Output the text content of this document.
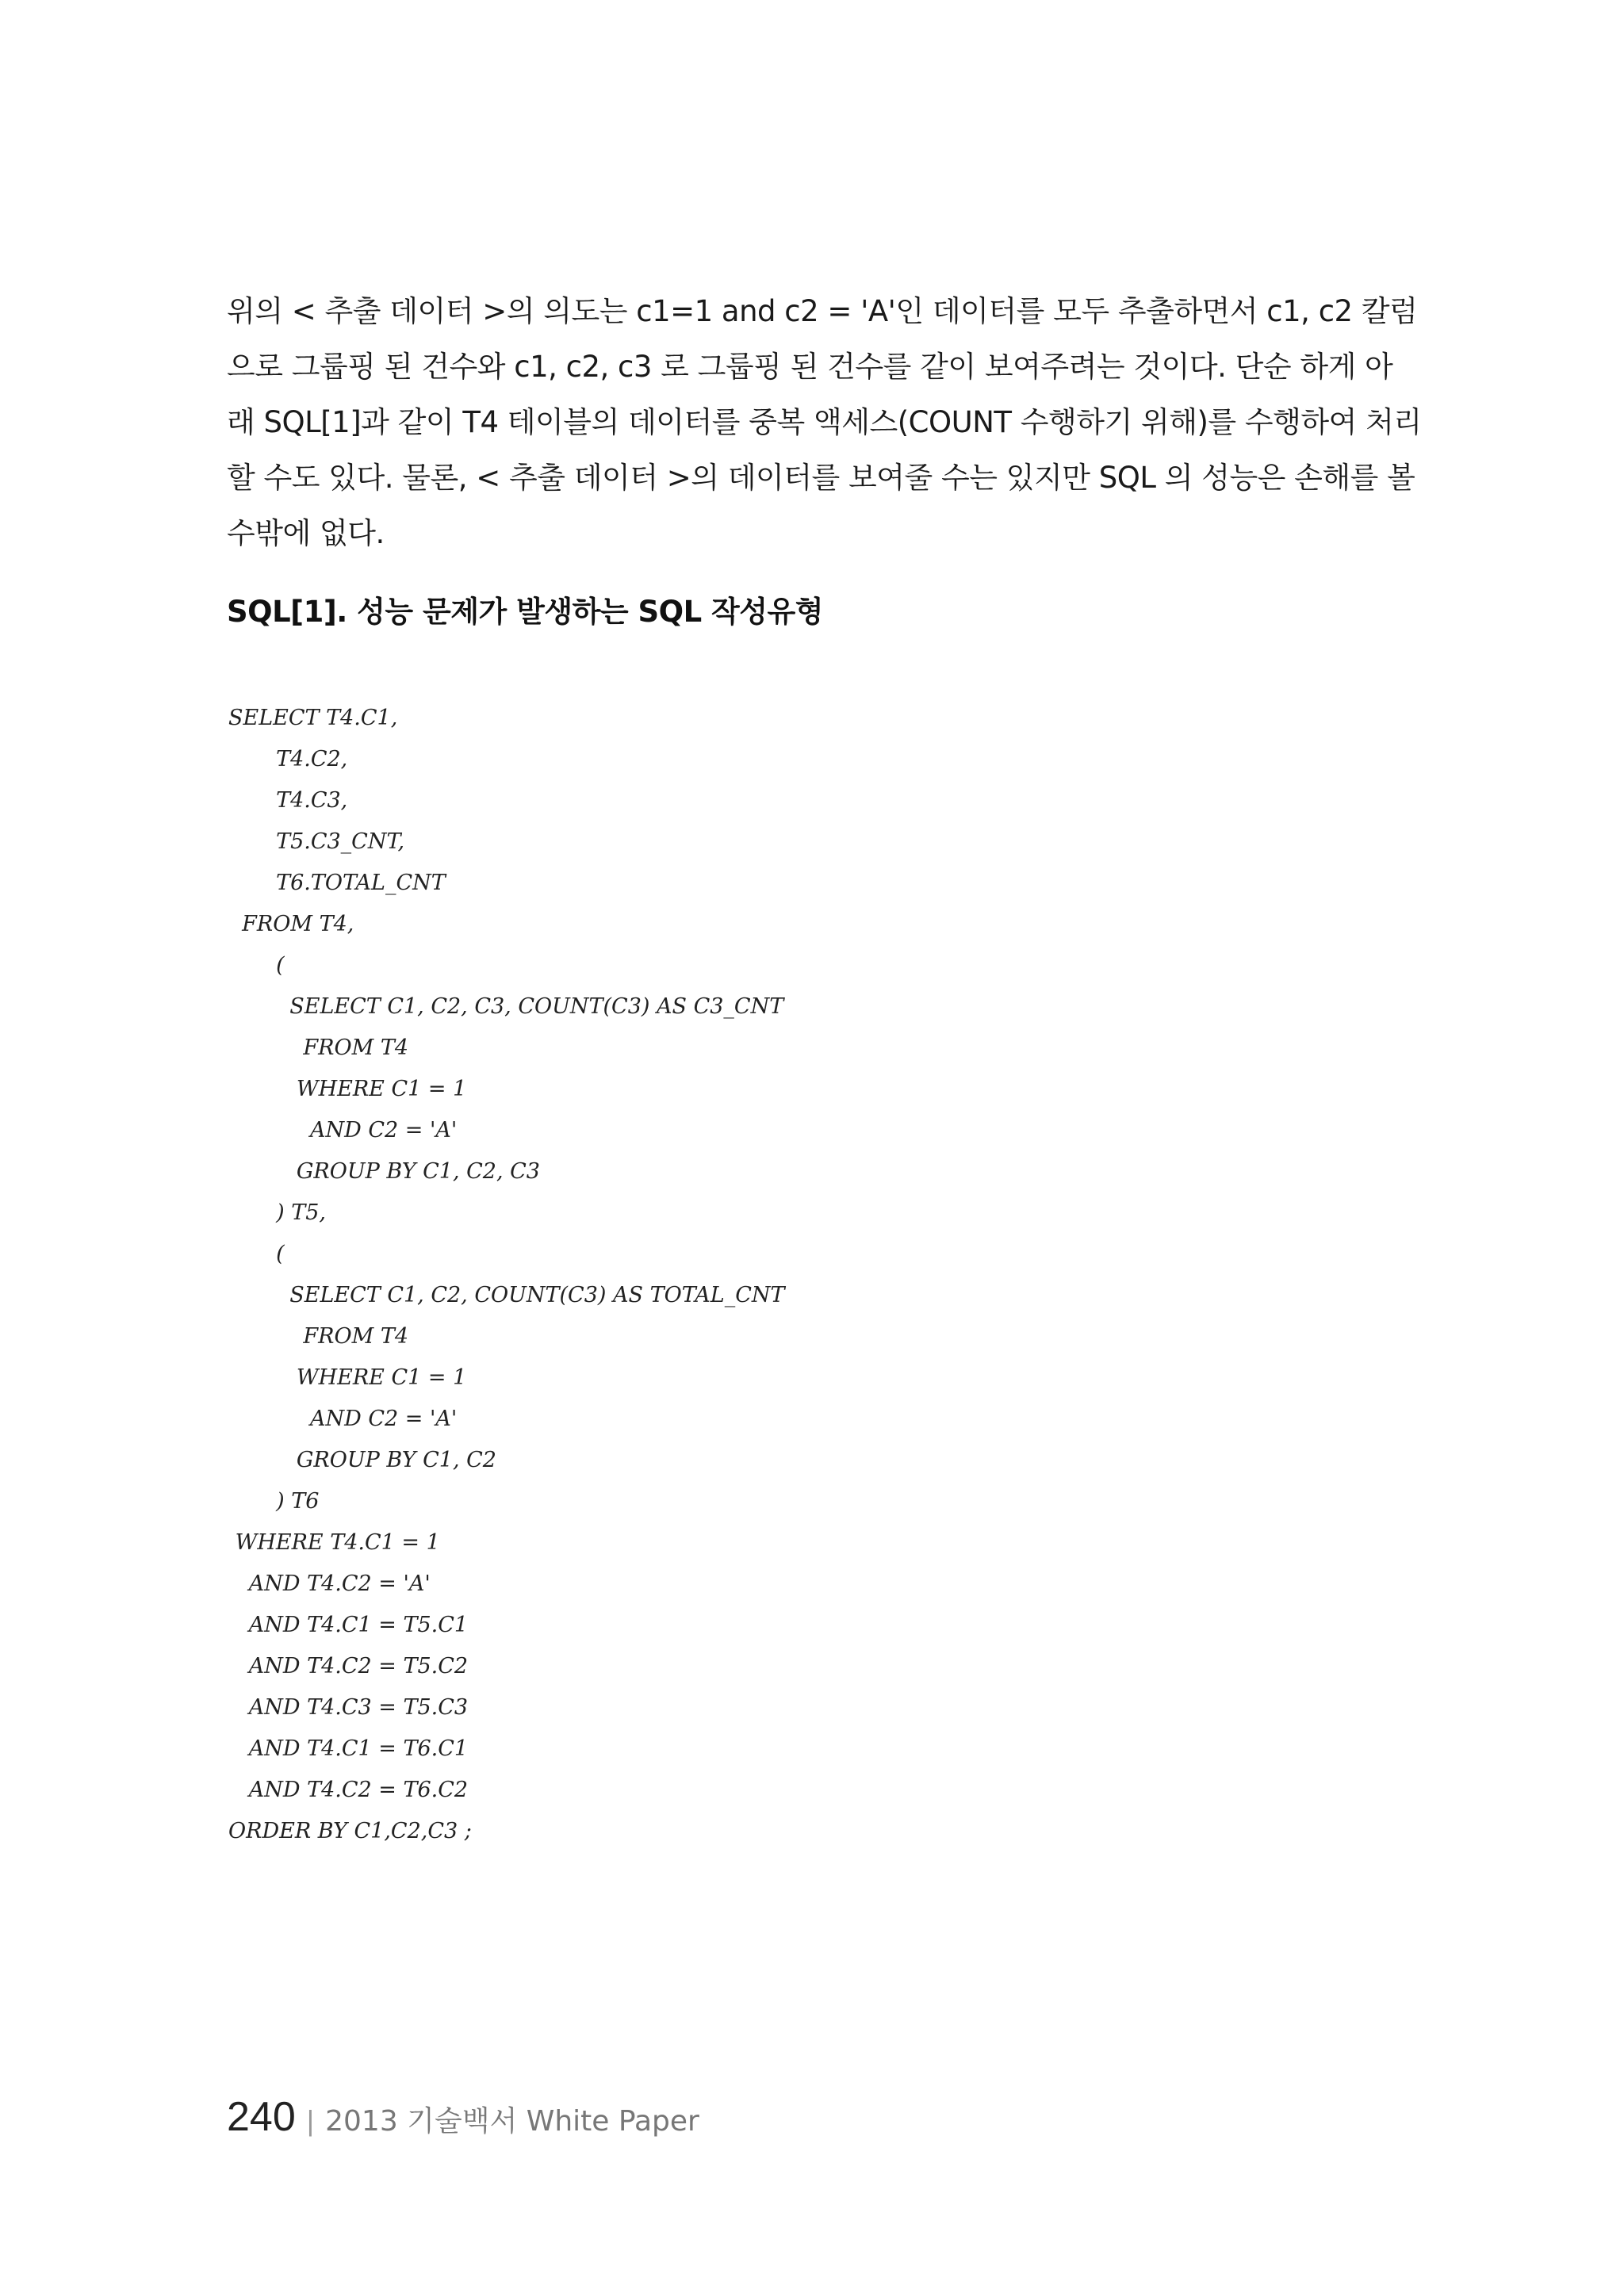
위의 < 추출 데이터 >의 의도는 c1=1 and c2 = 'A'인 데이터를 모두 추출하면서 c1, c2 칼럼
으로 그룹핑 된 건수와 c1, c2, c3 로 그룹핑 된 건수를 같이 보여주려는 것이다. 단순 하게 아
래 SQL[1]과 같이 T4 테이블의 데이터를 중복 액세스(COUNT 수행하기 위해)를 수행하여 처리
할 수도 있다. 물론, < 추출 데이터 >의 데이터를 보여줄 수는 있지만 SQL 의 성능은 손해를 볼
수밖에 없다.
SQL[1]. 성능 문제가 발생하는 SQL 작성유형
SELECT T4.C1,
T4.C2,
T4.C3,
T5.C3_CNT,
T6.TOTAL_CNT
FROM T4,
(
SELECT C1, C2, C3, COUNT(C3) AS C3_CNT
FROM T4
WHERE C1 = 1
AND C2 = 'A'
GROUP BY C1, C2, C3
) T5,
(
SELECT C1, C2, COUNT(C3) AS TOTAL_CNT
FROM T4
WHERE C1 = 1
AND C2 = 'A'
GROUP BY C1, C2
) T6
WHERE T4.C1 = 1
AND T4.C2 = 'A'
AND T4.C1 = T5.C1
AND T4.C2 = T5.C2
AND T4.C3 = T5.C3
AND T4.C1 = T6.C1
AND T4.C2 = T6.C2
ORDER BY C1,C2,C3 ;
240 | 2013 기술백서 White Paper
